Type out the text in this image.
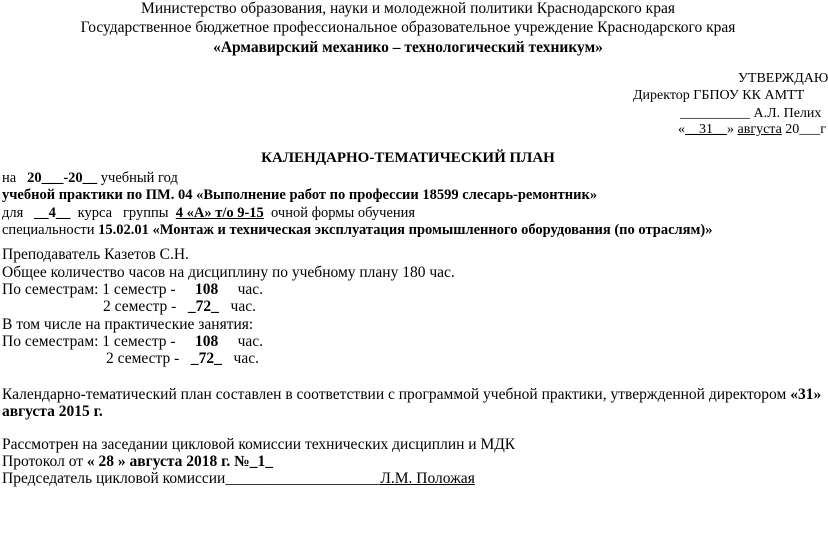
Министерство образования, науки и молодежной политики Краснодарского края
Государственное бюджетное профессиональное образовательное учреждение Краснодарского края
«Армавирский механико – технологический техникум»
УТВЕРЖДАЮ
Директор ГБПОУ КК АМТТ
__________ А.Л. Пелих
«__31__» августа 20___г
КАЛЕНДАРНО-ТЕМАТИЧЕСКИЙ ПЛАН
на 20___-20__ учебный год
учебной практики по ПМ. 04 «Выполнение работ по профессии 18599 слесарь-ремонтник»
для __4__ курса группы 4 «А» т/о 9-15 очной формы обучения
специальности 15.02.01 «Монтаж и техническая эксплуатация промышленного оборудования (по отраслям)»
Преподаватель Казетов С.Н.
Общее количество часов на дисциплину по учебному плану 180 час.
По семестрам: 1 семестр - 108 час.
2 семестр - _72_ час.
В том числе на практические занятия:
По семестрам: 1 семестр - 108 час.
2 семестр - _72_ час.
Календарно-тематический план составлен в соответствии с программой учебной практики, утвержденной директором «31»
августа 2015 г.
Рассмотрен на заседании цикловой комиссии технических дисциплин и МДК
Протокол от « 28 » августа 2018 г. №_1_
Председатель цикловой комиссии____________________Л.М. Положая
